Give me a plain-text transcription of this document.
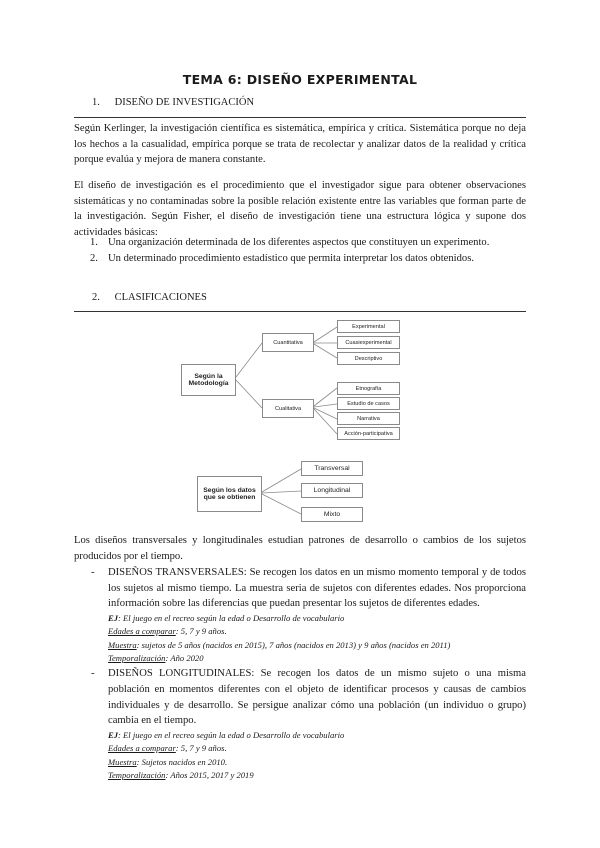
TEMA 6: DISEÑO EXPERIMENTAL
1. DISEÑO DE INVESTIGACIÓN

Según Kerlinger, la investigación científica es sistemática, empírica y crítica. Sistemática porque no deja los hechos a la casualidad, empírica porque se trata de recolectar y analizar datos de la realidad y crítica porque evalúa y mejora de manera constante.

El diseño de investigación es el procedimiento que el investigador sigue para obtener observaciones sistemáticas y no contaminadas sobre la posible relación existente entre las variables que forman parte de la investigación. Según Fisher, el diseño de investigación tiene una estructura lógica y supone dos actividades básicas:

1. Una organización determinada de los diferentes aspectos que constituyen un experimento.
2. Un determinado procedimiento estadístico que permita interpretar los datos obtenidos.
2. CLASIFICACIONES
Según la Metodología
Cuantitativa
Cualitativa
Experimental
Cuasiexperimental
Descriptivo
Etnografía
Estudio de casos
Narrativa
Acción-participativa
Según los datos que se obtienen
Transversal
Longitudinal
Mixto

Los diseños transversales y longitudinales estudian patrones de desarrollo o cambios de los sujetos producidos por el tiempo.

- DISEÑOS TRANSVERSALES: Se recogen los datos en un mismo momento temporal y de todos los sujetos al mismo tiempo. La muestra seria de sujetos con diferentes edades. Nos proporciona información sobre las diferencias que puedan presentar los sujetos de diferentes edades.
EJ: El juego en el recreo según la edad o Desarrollo de vocabulario
Edades a comparar: 5, 7 y 9 años.
Muestra: sujetos de 5 años (nacidos en 2015), 7 años (nacidos en 2013) y 9 años (nacidos en 2011)
Temporalización: Año 2020
- DISEÑOS LONGITUDINALES: Se recogen los datos de un mismo sujeto o una misma población en momentos diferentes con el objeto de identificar procesos y causas de cambios individuales y de desarrollo. Se persigue analizar cómo una población (un individuo o grupo) cambia en el tiempo.
EJ: El juego en el recreo según la edad o Desarrollo de vocabulario
Edades a comparar: 5, 7 y 9 años.
Muestra: Sujetos nacidos en 2010.
Temporalización: Años 2015, 2017 y 2019
